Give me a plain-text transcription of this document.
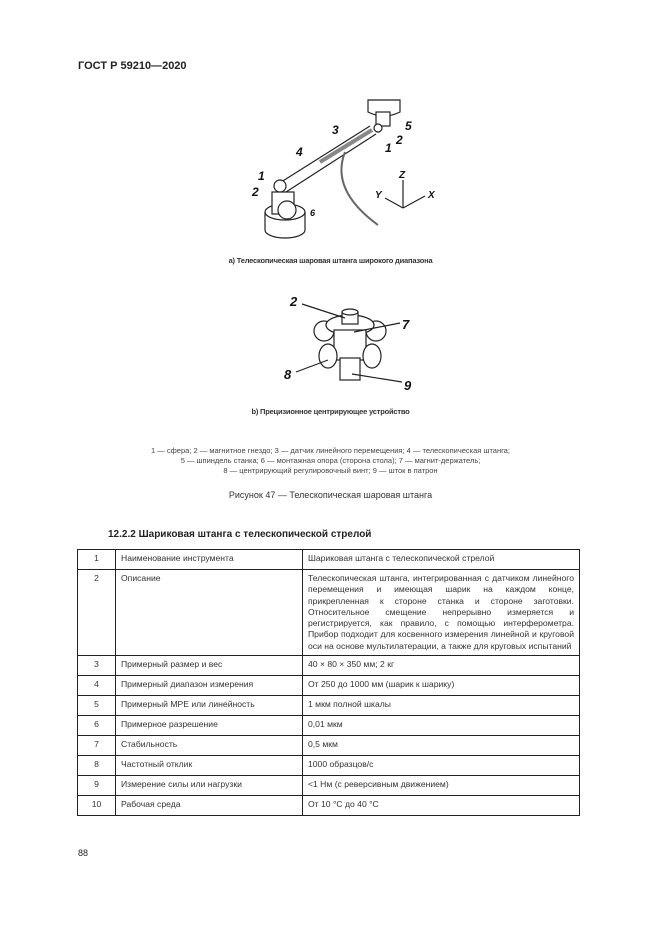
ГОСТ Р 59210—2020
1
2
3
4
5
1
2
6
Z
Y	X
2
7
8
9
a) Телескопическая шаровая штанга широкого диапазона
b) Прецизионное центрирующее устройство
1 — сфера; 2 — магнитное гнездо; 3 — датчик линейного перемещения; 4 — телескопическая штанга;
5 — шпиндель станка; 6 — монтажная опора (сторона стола); 7 — магнит-держатель;
8 — центрирующий регулировочный винт; 9 — шток в патрон
Рисунок 47 — Телескопическая шаровая штанга
12.2.2 Шариковая штанга с телескопической стрелой
1	Наименование инструмента	Шариковая штанга с телескопической стрелой
2	Описание	Телескопическая штанга, интегрированная с датчиком линейного перемещения и имеющая шарик на каждом конце, прикрепленная к стороне станка и стороне заготовки. Относительное смещение непрерывно измеряется и регистрируется, как правило, с помощью интерферометра. Прибор подходит для косвенного измерения линейной и круговой оси на основе мультилатерации, а также для круговых испытаний
3	Примерный размер и вес	40 × 80 × 350 мм; 2 кг
4	Примерный диапазон измерения	От 250 до 1000 мм (шарик к шарику)
5	Примерный MPE или линейность	1 мкм полной шкалы
6	Примерное разрешение	0,01 мкм
7	Стабильность	0,5 мкм
8	Частотный отклик	1000 образцов/с
9	Измерение силы или нагрузки	<1 Нм (с реверсивным движением)
10	Рабочая среда	От 10 °С до 40 °С
88
